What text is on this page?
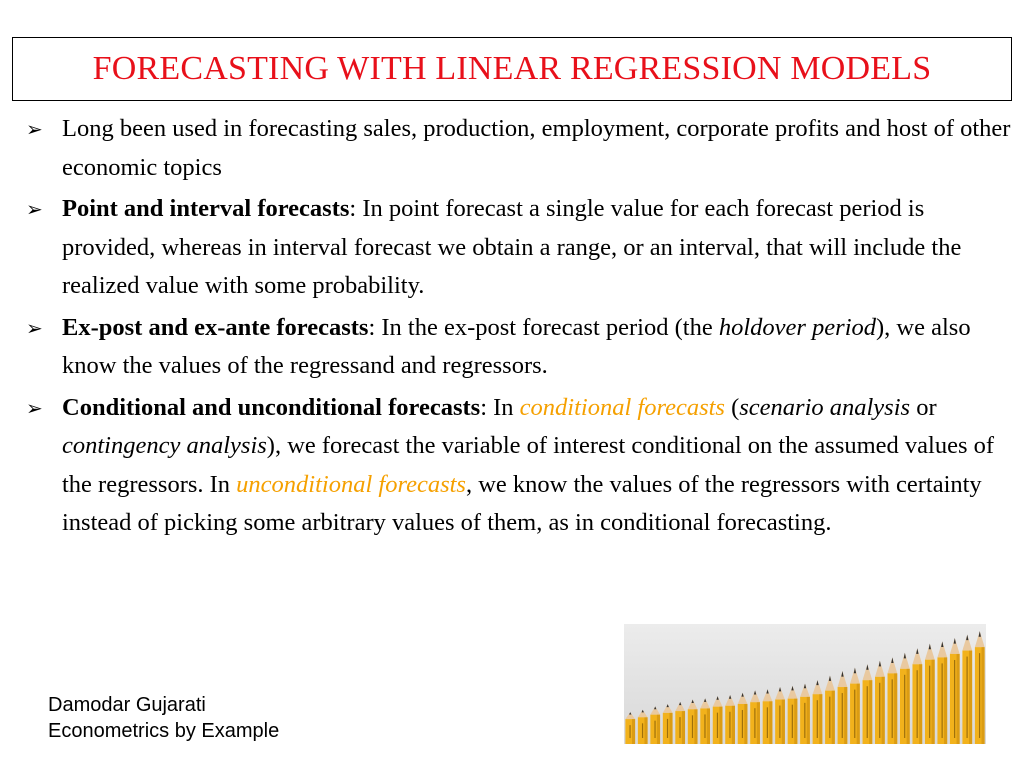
FORECASTING WITH LINEAR REGRESSION MODELS
➢ Long been used in forecasting sales, production, employment, corporate profits and host of other economic topics
➢ Point and interval forecasts: In point forecast a single value for each forecast period is provided, whereas in interval forecast we obtain a range, or an interval, that will include the realized value with some probability.
➢ Ex-post and ex-ante forecasts: In the ex-post forecast period (the holdover period), we also know the values of the regressand and regressors.
➢ Conditional and unconditional forecasts: In conditional forecasts (scenario analysis or contingency analysis), we forecast the variable of interest conditional on the assumed values of the regressors. In unconditional forecasts, we know the values of the regressors with certainty instead of picking some arbitrary values of them, as in conditional forecasting.
Damodar Gujarati
Econometrics by Example
